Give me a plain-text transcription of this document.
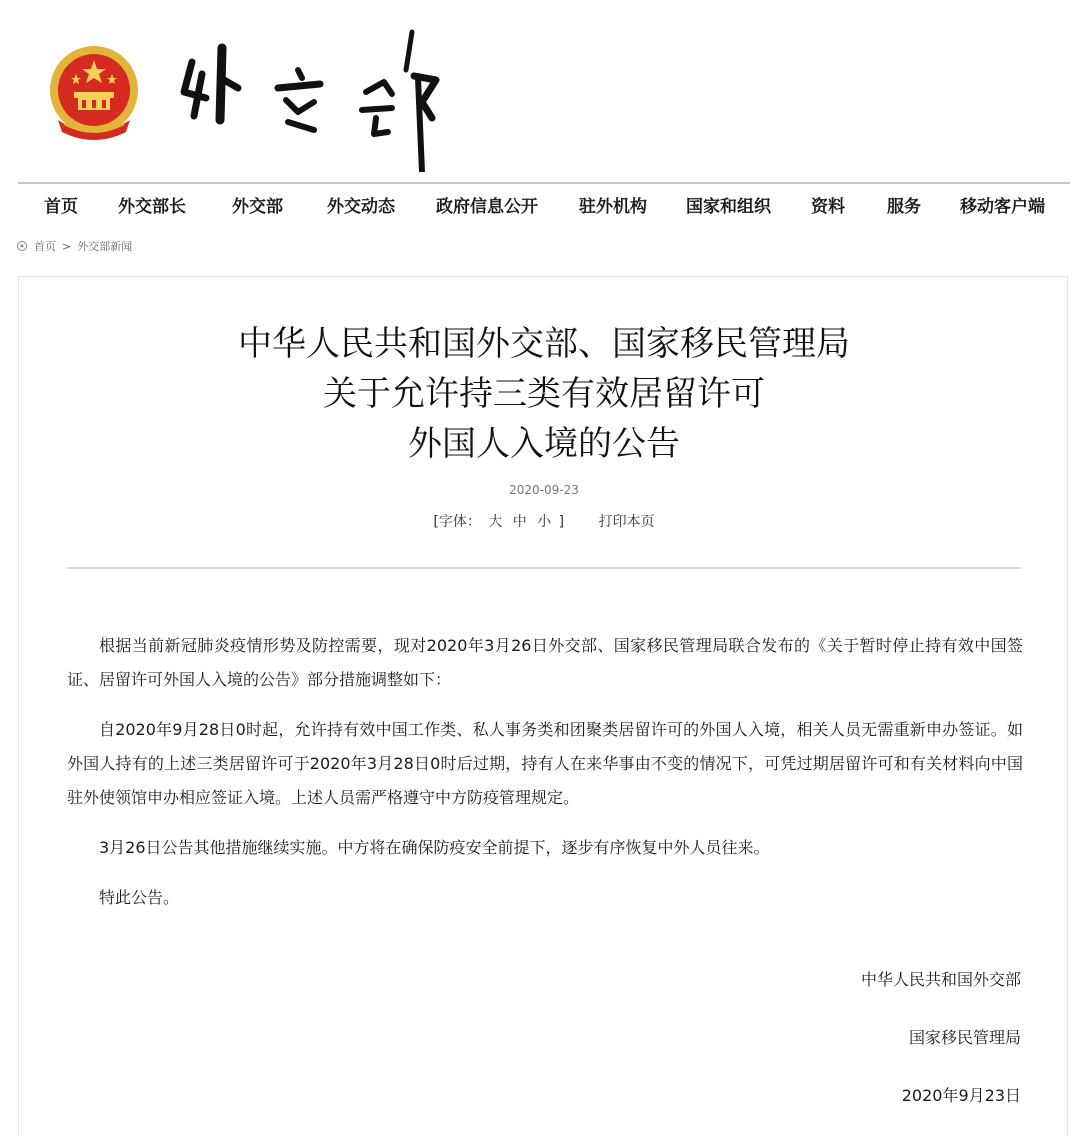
首页 外交部长	外交部	外交动态 政府信息公开 驻外机构 国家和组织 资料 服务 移动客户端
首页 > 外交部新闻
中华人民共和国外交部、国家移民管理局
关于允许持三类有效居留许可
外国人入境的公告
2020-09-23
[字体： 大 中 小 ] 打印本页

根据当前新冠肺炎疫情形势及防控需要，现对2020年3月26日外交部、国家移民管理局联合发布的《关于暂时停止持有效中国签证、居留许可外国人入境的公告》部分措施调整如下：

自2020年9月28日0时起，允许持有效中国工作类、私人事务类和团聚类居留许可的外国人入境，相关人员无需重新申办签证。如外国人持有的上述三类居留许可于2020年3月28日0时后过期，持有人在来华事由不变的情况下，可凭过期居留许可和有关材料向中国驻外使领馆申办相应签证入境。上述人员需严格遵守中方防疫管理规定。

3月26日公告其他措施继续实施。中方将在确保防疫安全前提下，逐步有序恢复中外人员往来。

特此公告。

中华人民共和国外交部
国家移民管理局
2020年9月23日
